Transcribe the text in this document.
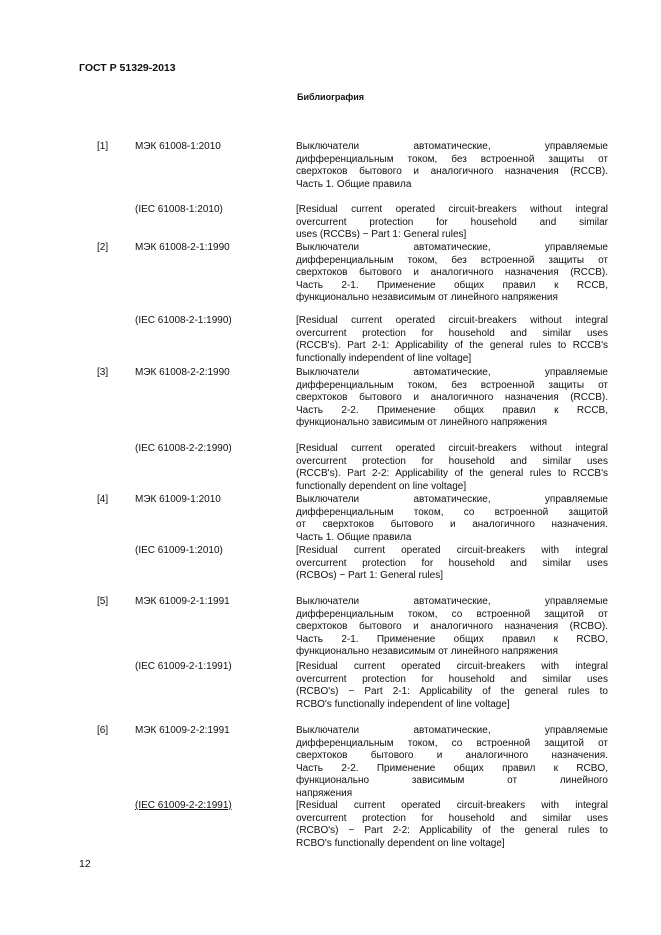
ГОСТ Р 51329-2013
Библиография
[1]	МЭК 61008-1:2010	Выключатели автоматические, управляемые
дифференциальным током, без встроенной защиты от
сверхтоков бытового и аналогичного назначения (RCCB).
Часть 1. Общие правила
(IEC 61008-1:2010)	[Residual current operated circuit-breakers without integral
overcurrent protection for household and similar
uses (RCCBs) − Part 1: General rules]
[2]	МЭК 61008-2-1:1990	Выключатели автоматические, управляемые
дифференциальным током, без встроенной защиты от
сверхтоков бытового и аналогичного назначения (RCCB).
Часть 2-1. Применение общих правил к RCCB,
функционально независимым от линейного напряжения
(IEC 61008-2-1:1990)	[Residual current operated circuit-breakers without integral
overcurrent protection for household and similar uses
(RCCB's). Part 2-1: Applicability of the general rules to RCCB's
functionally independent of line voltage]
[3]	МЭК 61008-2-2:1990	Выключатели автоматические, управляемые
дифференциальным током, без встроенной защиты от
сверхтоков бытового и аналогичного назначения (RCCB).
Часть 2-2. Применение общих правил к RCCB,
функционально зависимым от линейного напряжения
(IEC 61008-2-2:1990)	[Residual current operated circuit-breakers without integral
overcurrent protection for household and similar uses
(RCCB's). Part 2-2: Applicability of the general rules to RCCB's
functionally dependent on line voltage]
[4]	МЭК 61009-1:2010	Выключатели автоматические, управляемые
дифференциальным током, со встроенной защитой
от сверхтоков бытового и аналогичного назначения.
Часть 1. Общие правила
(IEC 61009-1:2010)	[Residual current operated circuit-breakers with integral
overcurrent protection for household and similar uses
(RCBOs) − Part 1: General rules]
[5]	МЭК 61009-2-1:1991	Выключатели автоматические, управляемые
дифференциальным током, со встроенной защитой от
сверхтоков бытового и аналогичного назначения (RCBO).
Часть 2-1. Применение общих правил к RCBO,
функционально независимым от линейного напряжения
(IEC 61009-2-1:1991)	[Residual current operated circuit-breakers with integral
overcurrent protection for household and similar uses
(RCBO's) − Part 2-1: Applicability of the general rules to
RCBO's functionally independent of line voltage]
[6]	МЭК 61009-2-2:1991	Выключатели автоматические, управляемые
дифференциальным током, со встроенной защитой от
сверхтоков бытового и аналогичного назначения.
Часть 2-2. Применение общих правил к RCBO,
функционально зависимым от линейного
напряжения
(IEC 61009-2-2:1991)	[Residual current operated circuit-breakers with integral
overcurrent protection for household and similar uses
(RCBO's) − Part 2-2: Applicability of the general rules to
RCBO's functionally dependent on line voltage]
12
